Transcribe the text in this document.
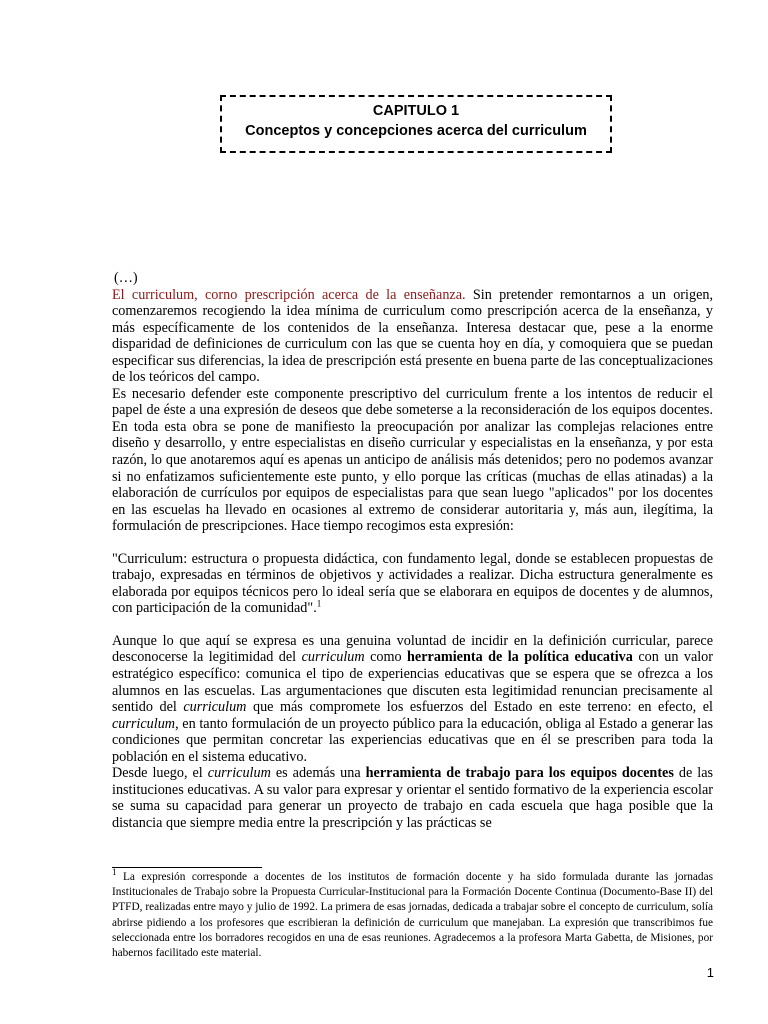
CAPITULO 1
Conceptos y concepciones acerca del curriculum

(…)

El curriculum, corno prescripción acerca de la enseñanza. Sin pretender remontarnos a un origen, comenzaremos recogiendo la idea mínima de curriculum como prescripción acerca de la enseñanza, y más específicamente de los contenidos de la enseñanza. Interesa destacar que, pese a la enorme disparidad de definiciones de curriculum con las que se cuenta hoy en día, y comoquiera que se puedan especificar sus diferencias, la idea de prescripción está presente en buena parte de las conceptualizaciones de los teóricos del campo.

Es necesario defender este componente prescriptivo del curriculum frente a los intentos de reducir el papel de éste a una expresión de deseos que debe someterse a la reconsideración de los equipos docentes. En toda esta obra se pone de manifiesto la preocupación por analizar las complejas relaciones entre diseño y desarrollo, y entre especialistas en diseño curricular y especialistas en la enseñanza, y por esta razón, lo que anotaremos aquí es apenas un anticipo de análisis más detenidos; pero no podemos avanzar si no enfatizamos suficientemente este punto, y ello porque las críticas (muchas de ellas atinadas) a la elaboración de currículos por equipos de especialistas para que sean luego "aplicados" por los docentes en las escuelas ha llevado en ocasiones al extremo de considerar autoritaria y, más aun, ilegítima, la formulación de prescripciones. Hace tiempo recogimos esta expresión:

"Curriculum: estructura o propuesta didáctica, con fundamento legal, donde se establecen propuestas de trabajo, expresadas en términos de objetivos y actividades a realizar. Dicha estructura generalmente es elaborada por equipos técnicos pero lo ideal sería que se elaborara en equipos de docentes y de alumnos, con participación de la comunidad".$^1$

Aunque lo que aquí se expresa es una genuina voluntad de incidir en la definición curricular, parece desconocerse la legitimidad del curriculum como herramienta de la política educativa con un valor estratégico específico: comunica el tipo de experiencias educativas que se espera que se ofrezca a los alumnos en las escuelas. Las argumentaciones que discuten esta legitimidad renuncian precisamente al sentido del curriculum que más compromete los esfuerzos del Estado en este terreno: en efecto, el curriculum, en tanto formulación de un proyecto público para la educación, obliga al Estado a generar las condiciones que permitan concretar las experiencias educativas que en él se prescriben para toda la población en el sistema educativo.

Desde luego, el curriculum es además una herramienta de trabajo para los equipos docentes de las instituciones educativas. A su valor para expresar y orientar el sentido formativo de la experiencia escolar se suma su capacidad para generar un proyecto de trabajo en cada escuela que haga posible que la distancia que siempre media entre la prescripción y las prácticas se

$^1$ La expresión corresponde a docentes de los institutos de formación docente y ha sido formulada durante las jornadas Institucionales de Trabajo sobre la Propuesta Curricular-Institucional para la Formación Docente Continua (Documento-Base II) del PTFD, realizadas entre mayo y julio de 1992. La primera de esas jornadas, dedicada a trabajar sobre el concepto de curriculum, solía abrirse pidiendo a los profesores que escribieran la definición de curriculum que manejaban. La expresión que transcribimos fue seleccionada entre los borradores recogidos en una de esas reuniones. Agradecemos a la profesora Marta Gabetta, de Misiones, por habernos facilitado este material.

1
